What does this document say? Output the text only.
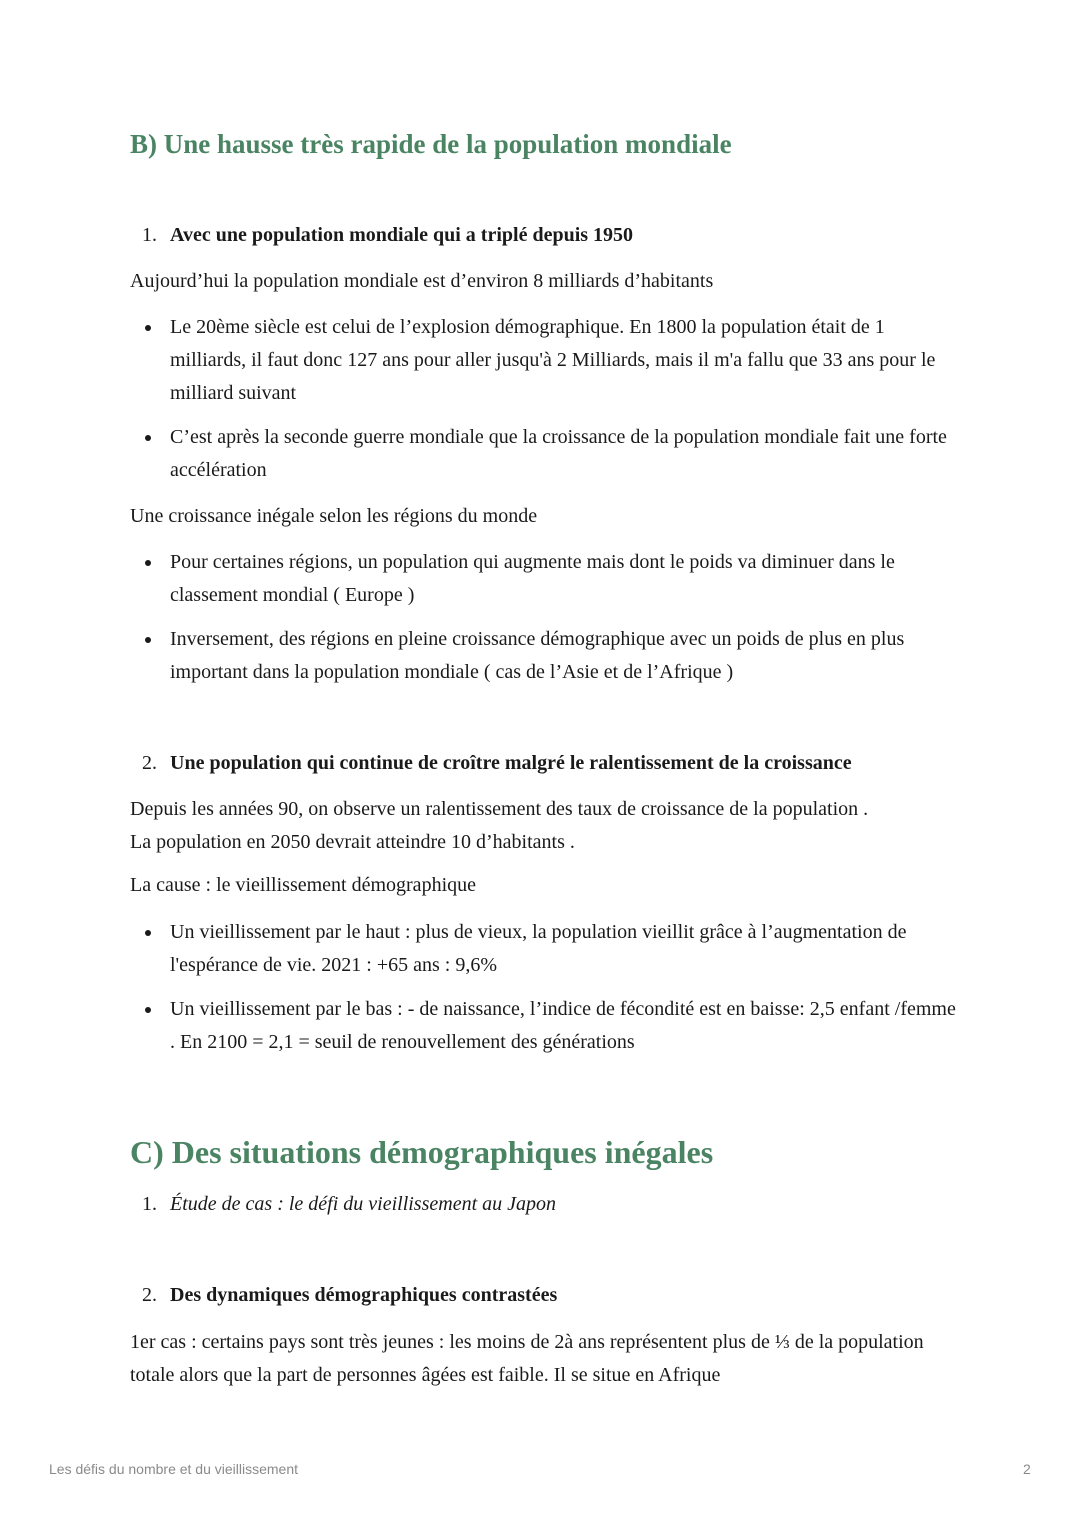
B) Une hausse très rapide de la population mondiale
1. Avec une population mondiale qui a triplé depuis 1950
Aujourd’hui la population mondiale est d’environ 8 milliards d’habitants
Le 20ème siècle est celui de l’explosion démographique. En 1800 la population était de 1 milliards, il faut donc 127 ans pour aller jusqu'à 2 Milliards, mais il m'a fallu que 33 ans pour le milliard suivant
C’est après la seconde guerre mondiale que la croissance de la population mondiale fait une forte accélération
Une croissance inégale selon les régions du monde
Pour certaines régions, un population qui augmente mais dont le poids va diminuer dans le classement mondial ( Europe )
Inversement, des régions en pleine croissance démographique avec un poids de plus en plus important dans la population mondiale ( cas de l’Asie et de l’Afrique )
2. Une population qui continue de croître malgré le ralentissement de la croissance
Depuis les années 90, on observe un ralentissement des taux de croissance de la population .
La population en 2050 devrait atteindre 10 d’habitants .
La cause : le vieillissement démographique
Un vieillissement par le haut : plus de vieux, la population vieillit grâce à l’augmentation de l'espérance de vie. 2021 : +65 ans : 9,6%
Un vieillissement par le bas : - de naissance, l’indice de fécondité est en baisse: 2,5 enfant /femme . En 2100 = 2,1 = seuil de renouvellement des générations
C) Des situations démographiques inégales
1. Étude de cas : le défi du vieillissement au Japon
2. Des dynamiques démographiques contrastées
1er cas : certains pays sont très jeunes : les moins de 2à ans représentent plus de ⅓ de la population totale alors que la part de personnes âgées est faible. Il se situe en Afrique
Les défis du nombre et du vieillissement	2
